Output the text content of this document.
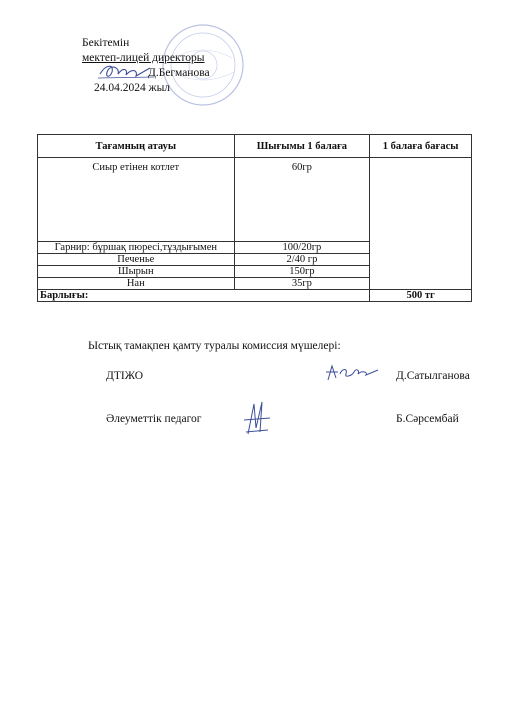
Бекітемін
мектеп-лицей директоры
Д.Бегманова
24.04.2024 жыл
Тағамның атауы	Шығымы 1 балаға	1 балаға бағасы
Сиыр етінен котлет	60гр	
Гарнир: бұршақ пюресі,тұздығымен	100/20гр	
Печенье	2/40 гр	
Шырын	150гр	
Нан	35гр	
Барлығы:		500 тг
Ыстық тамақпен қамту туралы комиссия мүшелері:
ДТІЖО	Д.Сатылганова
Әлеуметтік педагог	Б.Сәрсембай
